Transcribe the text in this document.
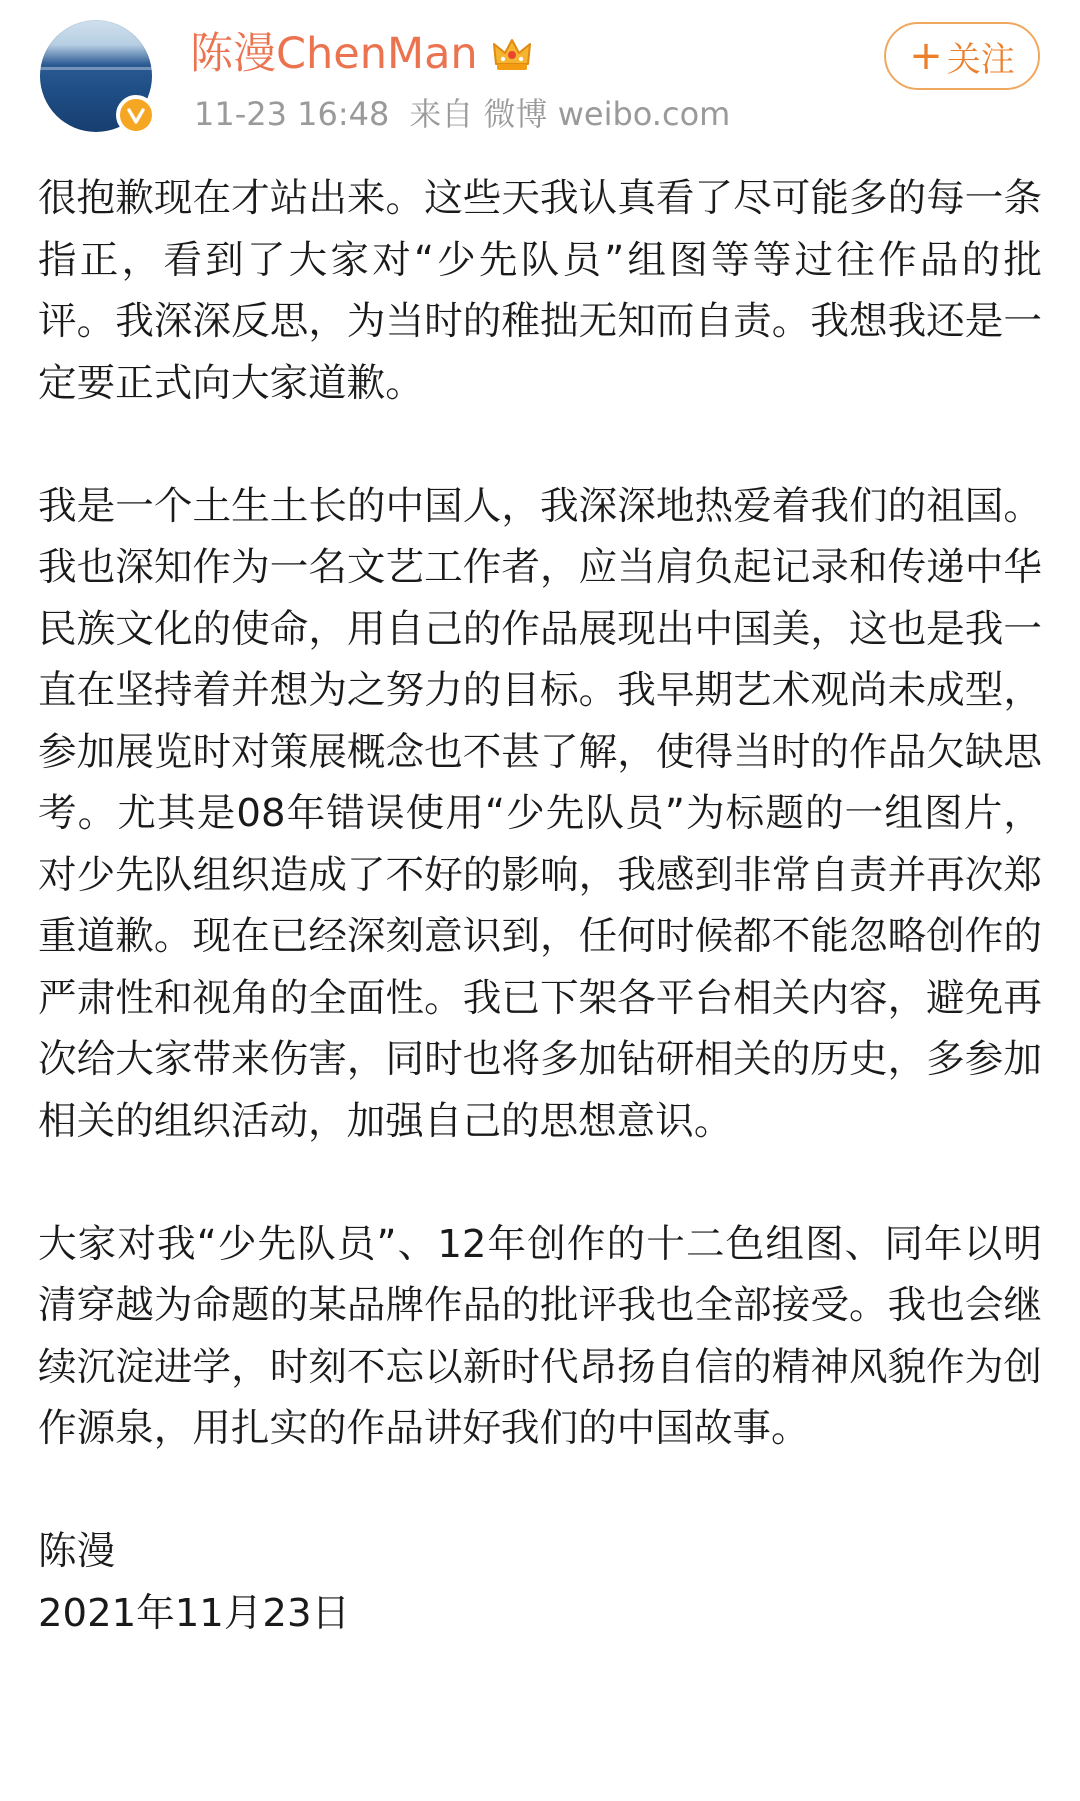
陈漫ChenMan
11-23 16:48 来自 微博 weibo.com
+ 关注

很抱歉现在才站出来。这些天我认真看了尽可能多的每一条指正，看到了大家对“少先队员”组图等等过往作品的批评。我深深反思，为当时的稚拙无知而自责。我想我还是一定要正式向大家道歉。

我是一个土生土长的中国人，我深深地热爱着我们的祖国。我也深知作为一名文艺工作者，应当肩负起记录和传递中华民族文化的使命，用自己的作品展现出中国美，这也是我一直在坚持着并想为之努力的目标。我早期艺术观尚未成型，参加展览时对策展概念也不甚了解，使得当时的作品欠缺思考。尤其是08年错误使用“少先队员”为标题的一组图片，对少先队组织造成了不好的影响，我感到非常自责并再次郑重道歉。现在已经深刻意识到，任何时候都不能忽略创作的严肃性和视角的全面性。我已下架各平台相关内容，避免再次给大家带来伤害，同时也将多加钻研相关的历史，多参加相关的组织活动，加强自己的思想意识。

大家对我“少先队员”、12年创作的十二色组图、同年以明清穿越为命题的某品牌作品的批评我也全部接受。我也会继续沉淀进学，时刻不忘以新时代昂扬自信的精神风貌作为创作源泉，用扎实的作品讲好我们的中国故事。

陈漫

2021年11月23日
